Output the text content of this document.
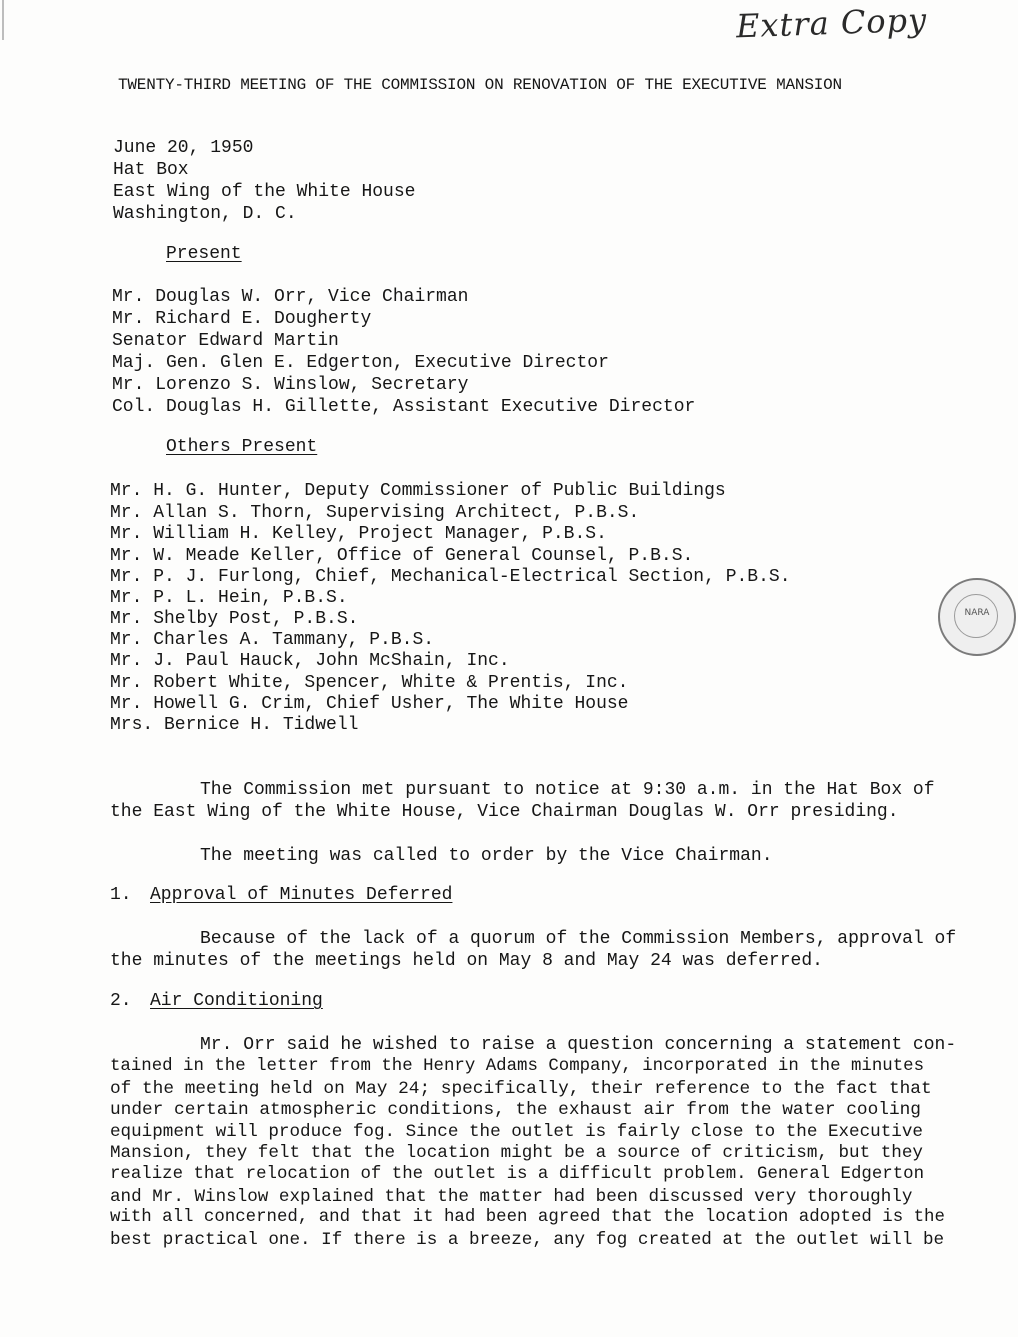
Extra Copy
TWENTY-THIRD MEETING OF THE COMMISSION ON RENOVATION OF THE EXECUTIVE MANSION
June 20, 1950
Hat Box
East Wing of the White House
Washington, D. C.
Present
Mr. Douglas W. Orr, Vice Chairman
Mr. Richard E. Dougherty
Senator Edward Martin
Maj. Gen. Glen E. Edgerton, Executive Director
Mr. Lorenzo S. Winslow, Secretary
Col. Douglas H. Gillette, Assistant Executive Director
Others Present
Mr. H. G. Hunter, Deputy Commissioner of Public Buildings
Mr. Allan S. Thorn, Supervising Architect, P.B.S.
Mr. William H. Kelley, Project Manager, P.B.S.
Mr. W. Meade Keller, Office of General Counsel, P.B.S.
Mr. P. J. Furlong, Chief, Mechanical-Electrical Section, P.B.S.
Mr. P. L. Hein, P.B.S.
Mr. Shelby Post, P.B.S.
Mr. Charles A. Tammany, P.B.S.
Mr. J. Paul Hauck, John McShain, Inc.
Mr. Robert White, Spencer, White & Prentis, Inc.
Mr. Howell G. Crim, Chief Usher, The White House
Mrs. Bernice H. Tidwell
NARA
The Commission met pursuant to notice at 9:30 a.m. in the Hat Box of
the East Wing of the White House, Vice Chairman Douglas W. Orr presiding.
The meeting was called to order by the Vice Chairman.
1. Approval of Minutes Deferred
Because of the lack of a quorum of the Commission Members, approval of
the minutes of the meetings held on May 8 and May 24 was deferred.
2. Air Conditioning
Mr. Orr said he wished to raise a question concerning a statement con-
tained in the letter from the Henry Adams Company, incorporated in the minutes
of the meeting held on May 24; specifically, their reference to the fact that
under certain atmospheric conditions, the exhaust air from the water cooling
equipment will produce fog. Since the outlet is fairly close to the Executive
Mansion, they felt that the location might be a source of criticism, but they
realize that relocation of the outlet is a difficult problem. General Edgerton
and Mr. Winslow explained that the matter had been discussed very thoroughly
with all concerned, and that it had been agreed that the location adopted is the
best practical one. If there is a breeze, any fog created at the outlet will be
